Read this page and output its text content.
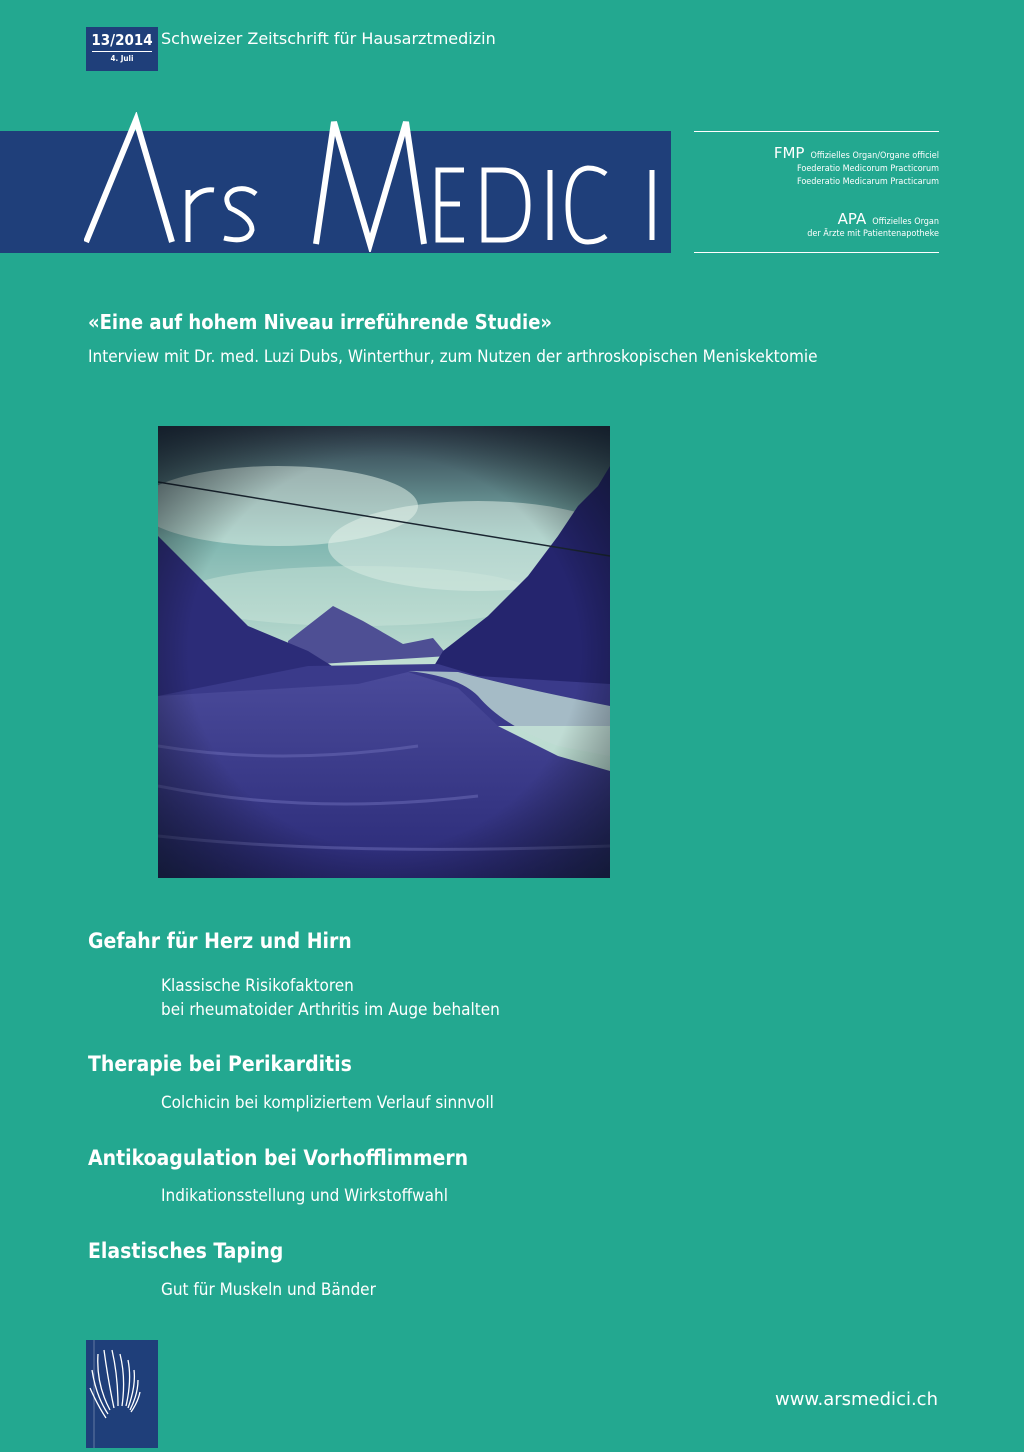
13/2014
4. Juli
Schweizer Zeitschrift für Hausarztmedizin
FMP Offizielles Organ/Organe officiel
Foederatio Medicorum Practicorum
Foederatio Medicarum Practicarum
APA Offizielles Organ
der Ärzte mit Patientenapotheke
«Eine auf hohem Niveau irreführende Studie»
Interview mit Dr. med. Luzi Dubs, Winterthur, zum Nutzen der arthroskopischen Meniskektomie
Gefahr für Herz und Hirn
Klassische Risikofaktoren
bei rheumatoider Arthritis im Auge behalten
Therapie bei Perikarditis
Colchicin bei kompliziertem Verlauf sinnvoll
Antikoagulation bei Vorhofflimmern
Indikationsstellung und Wirkstoffwahl
Elastisches Taping
Gut für Muskeln und Bänder
www.arsmedici.ch
